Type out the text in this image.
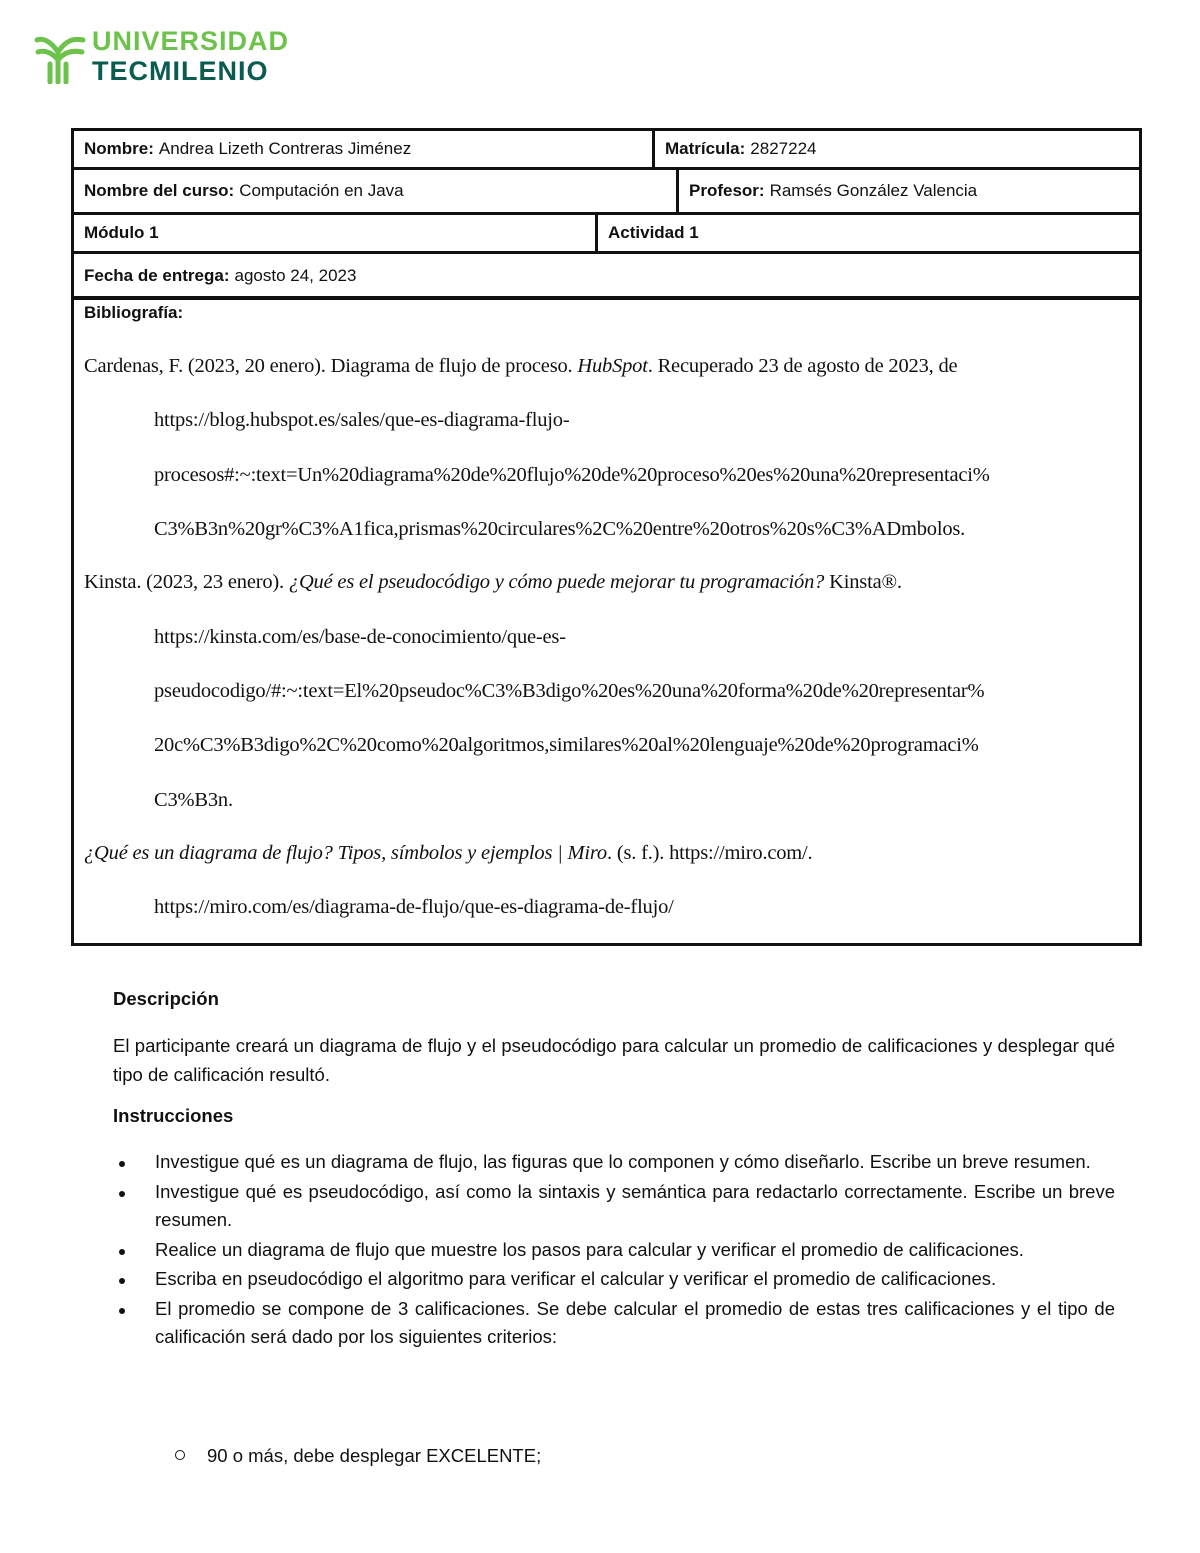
UNIVERSIDAD
TECMILENIO
Nombre: Andrea Lizeth Contreras Jiménez	Matrícula: 2827224
Nombre del curso: Computación en Java	Profesor: Ramsés González Valencia
Módulo 1	Actividad 1
Fecha de entrega: agosto 24, 2023
Bibliografía:
Cardenas, F. (2023, 20 enero). Diagrama de flujo de proceso. HubSpot. Recuperado 23 de agosto de 2023, de
https://blog.hubspot.es/sales/que-es-diagrama-flujo-
procesos#:~:text=Un%20diagrama%20de%20flujo%20de%20proceso%20es%20una%20representaci%
C3%B3n%20gr%C3%A1fica,prismas%20circulares%2C%20entre%20otros%20s%C3%ADmbolos.
Kinsta. (2023, 23 enero). ¿Qué es el pseudocódigo y cómo puede mejorar tu programación? Kinsta®.
https://kinsta.com/es/base-de-conocimiento/que-es-
pseudocodigo/#:~:text=El%20pseudoc%C3%B3digo%20es%20una%20forma%20de%20representar%
20c%C3%B3digo%2C%20como%20algoritmos,similares%20al%20lenguaje%20de%20programaci%
C3%B3n.
¿Qué es un diagrama de flujo? Tipos, símbolos y ejemplos | Miro. (s. f.). https://miro.com/.
https://miro.com/es/diagrama-de-flujo/que-es-diagrama-de-flujo/
Descripción
El participante creará un diagrama de flujo y el pseudocódigo para calcular un promedio de calificaciones y desplegar qué tipo de calificación resultó.
Instrucciones
Investigue qué es un diagrama de flujo, las figuras que lo componen y cómo diseñarlo. Escribe un breve resumen.
Investigue qué es pseudocódigo, así como la sintaxis y semántica para redactarlo correctamente. Escribe un breve resumen.
Realice un diagrama de flujo que muestre los pasos para calcular y verificar el promedio de calificaciones.
Escriba en pseudocódigo el algoritmo para verificar el calcular y verificar el promedio de calificaciones.
El promedio se compone de 3 calificaciones. Se debe calcular el promedio de estas tres calificaciones y el tipo de calificación será dado por los siguientes criterios:
90 o más, debe desplegar EXCELENTE;
